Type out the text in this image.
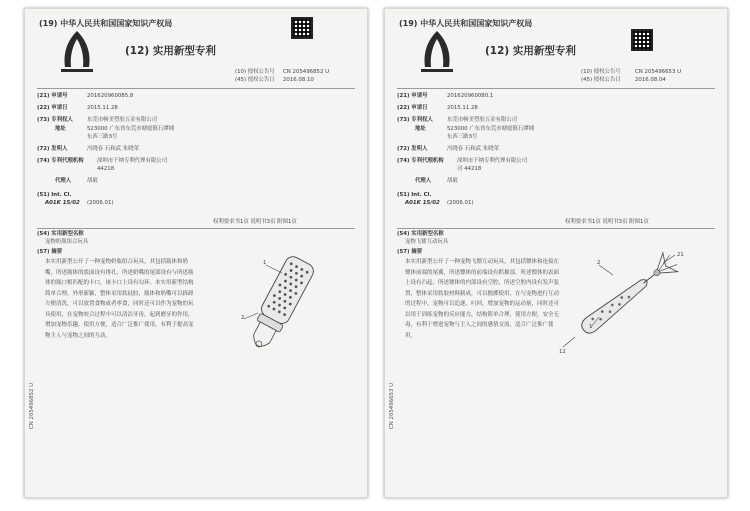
(19) 中华人民共和国国家知识产权局
(12) 实用新型专利
(10) 授权公告号 CN 205496852 U
(45) 授权公告日 2016.08.10
(21) 申请号	201620960085.8
(22) 申请日	2015.11.28
(73) 专利权人	东莞市畅美塑胶五金有限公司
地址	523000 广东省东莞市塘厦镇石潭埔
东西三路3号
(72) 发明人	冯晓春 石和武 朱晓荣
(74) 专利代理机构 深圳市千纳专利代理有限公司
44218
代理人	胡毅
(51) Int. Cl.
A01K 15/02 (2006.01)
权利要求书1页 说明书3页 附图1页
(54) 实用新型名称
宠物奶瓶组合玩具
(57) 摘要
本实用新型公开了一种宠物奶瓶组合玩具，其包括瓶体和奶嘴，所述瓶体的底面设有排孔，所述奶嘴的尾部设有与所述瓶体的瓶口相匹配的卡口，该卡口上设有勾环。本实用新型结构简单合理，外形新颖，整体采用软硅胶，瓶体和奶嘴可以拆卸方便清洗，可以放置食物或者零食，同时还可以作为宠物的玩具使用，在宠物咬合过程中可以清洁牙齿，起到磨牙的作用，增加宠物乐趣，使用方便，适合广泛推广使用，有利于提高宠物主人与宠物之间的互动。
1
2
CN 205496852 U
(19) 中华人民共和国国家知识产权局
(12) 实用新型专利
(10) 授权公告号	CN 205496653 U
(45) 授权公告日	2016.08.04
(21) 申请号	201620960080.1
(22) 申请日	2015.11.28
(73) 专利权人	东莞市畅美塑胶五金有限公司
地址	523000 广东省东莞市塘厦镇石潭埔
东西三路3号
(72) 发明人	冯晓春 石和武 朱晓荣
(74) 专利代理机构 深圳市千纳专利代理有限公司
司 44218
代理人	胡毅
(51) Int. Cl.
A01K 15/02 (2006.01)
权利要求书1页 说明书3页 附图1页
(54) 实用新型名称
宠物飞镖互动玩具
(57) 摘要
本实用新型公开了一种宠物飞镖互动玩具，其包括镖体和连接在镖体前端的尾翼，所述镖体的前端设有抓握部，所述镖体的表面上设有凸起，所述镖体的内部设有空腔，所述空腔内设有发声装置，整体采用软胶材料制成，可以抛掷使用，在与宠物进行互动的过程中，宠物可以追逐、叼回，增加宠物的运动量，同时还可以用于训练宠物的反应能力，结构简单合理，使用方便，安全无毒，有利于增进宠物与主人之间的感情交流，适合广泛推广使用。
2
21
1
12
CN 205496653 U
